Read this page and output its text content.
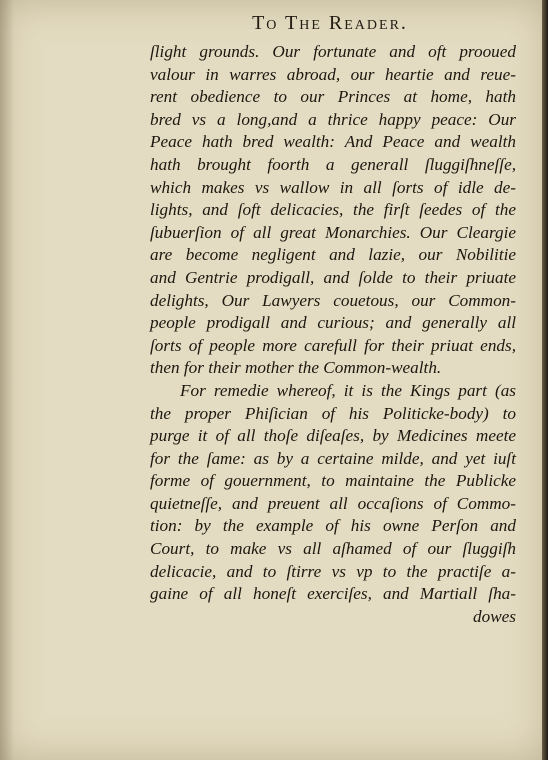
To The Reader.
ſlight grounds. Our fortunate and oft prooued
valour in warres abroad, our heartie and reue-
rent obedience to our Princes at home, hath
bred vs a long,and a thrice happy peace: Our
Peace hath bred wealth: And Peace and wealth
hath brought foorth a generall ſluggiſhneſſe,
which makes vs wallow in all ſorts of idle de-
lights, and ſoft delicacies, the firſt ſeedes of the
ſubuerſion of all great Monarchies. Our Cleargie
are become negligent and lazie, our Nobilitie
and Gentrie prodigall, and ſolde to their priuate
delights, Our Lawyers couetous, our Common-
people prodigall and curious; and generally all
ſorts of people more carefull for their priuat ends,
then for their mother the Common-wealth.
For remedie whereof, it is the Kings part (as
the proper Phiſician of his Politicke-body) to
purge it of all thoſe diſeaſes, by Medicines meete
for the ſame: as by a certaine milde, and yet iuſt
forme of gouernment, to maintaine the Publicke
quietneſſe, and preuent all occaſions of Commo-
tion: by the example of his owne Perſon and
Court, to make vs all aſhamed of our ſluggiſh
delicacie, and to ſtirre vs vp to the practiſe a-
gaine of all honeſt exerciſes, and Martiall ſha-
dowes
